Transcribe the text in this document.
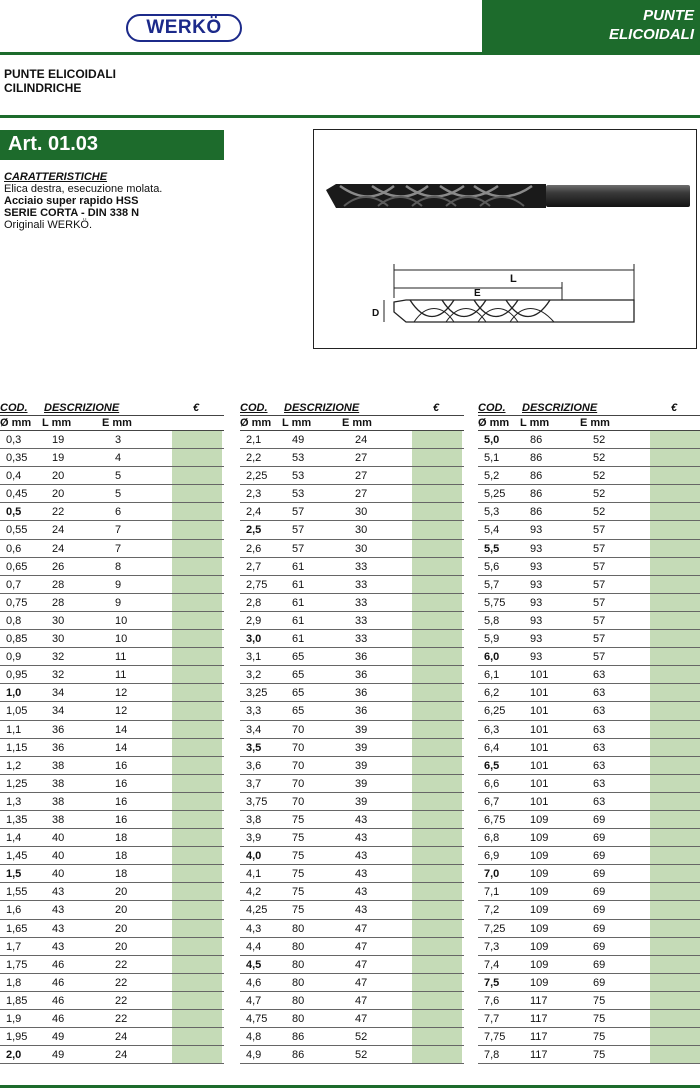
WERKÖ
PUNTE
ELICOIDALI
PUNTE ELICOIDALI
CILINDRICHE
Art. 01.03
CARATTERISTICHE
Elica destra, esecuzione molata.
Acciaio super rapido HSS
SERIE CORTA - DIN 338 N
Originali WERKÖ.
L
E
D
COD. DESCRIZIONE	€
Ø mm L mm	E mm
0,3	19	3
0,35 19	4
0,4	20	5
0,45 20	5
0,5	22	6
0,55 24	7
0,6	24	7
0,65 26	8
0,7	28	9
0,75 28	9
0,8	30	10
0,85 30	10
0,9	32	11
0,95 32	11
1,0	34	12
1,05 34	12
1,1	36	14
1,15 36	14
1,2	38	16
1,25 38	16
1,3	38	16
1,35 38	16
1,4	40	18
1,45 40	18
1,5	40	18
1,55 43	20
1,6	43	20
1,65 43	20
1,7	43	20
1,75 46	22
1,8	46	22
1,85 46	22
1,9	46	22
1,95 49	24
2,0	49	24
COD. DESCRIZIONE	€
Ø mm L mm	E mm
2,1	49	24
2,2	53	27
2,25 53	27
2,3	53	27
2,4	57	30
2,5	57	30
2,6	57	30
2,7	61	33
2,75 61	33
2,8	61	33
2,9	61	33
3,0	61	33
3,1	65	36
3,2	65	36
3,25 65	36
3,3	65	36
3,4	70	39
3,5	70	39
3,6	70	39
3,7	70	39
3,75 70	39
3,8	75	43
3,9	75	43
4,0	75	43
4,1	75	43
4,2	75	43
4,25 75	43
4,3	80	47
4,4	80	47
4,5	80	47
4,6	80	47
4,7	80	47
4,75 80	47
4,8	86	52
4,9	86	52
COD. DESCRIZIONE	€
Ø mm L mm	E mm
5,0	86	52
5,1	86	52
5,2	86	52
5,25 86	52
5,3	86	52
5,4	93	57
5,5	93	57
5,6	93	57
5,7	93	57
5,75 93	57
5,8	93	57
5,9	93	57
6,0	93	57
6,1	101	63
6,2	101	63
6,25 101	63
6,3	101	63
6,4	101	63
6,5	101	63
6,6	101	63
6,7	101	63
6,75 109	69
6,8	109	69
6,9	109	69
7,0	109	69
7,1	109	69
7,2	109	69
7,25 109	69
7,3	109	69
7,4	109	69
7,5	109	69
7,6	117	75
7,7	117	75
7,75 117	75
7,8	117	75
